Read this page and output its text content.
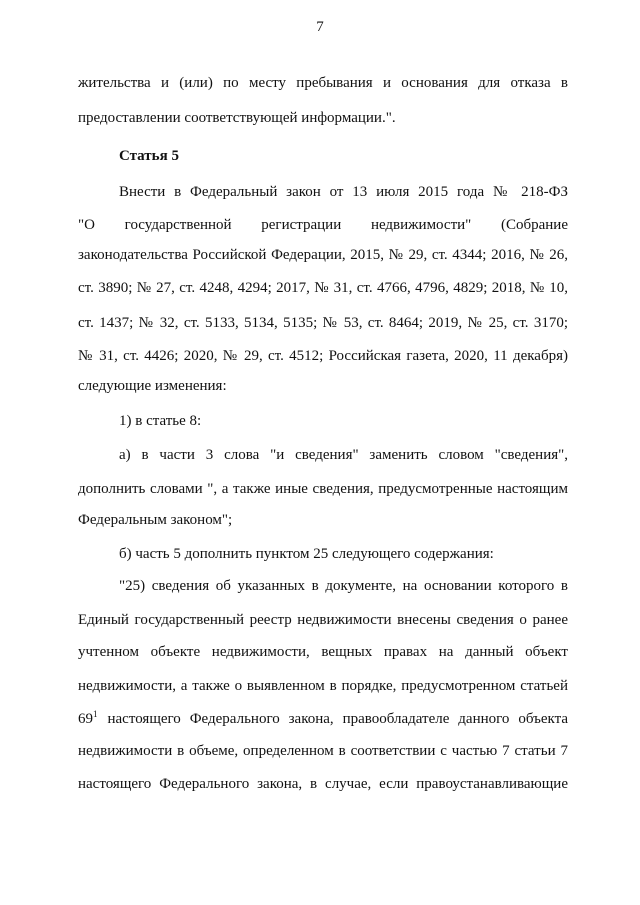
7
жительства и (или) по месту пребывания и основания для отказа в
предоставлении соответствующей информации.".
Статья 5
Внести в Федеральный закон от 13 июля 2015 года № 218-ФЗ
"О государственной регистрации недвижимости" (Собрание
законодательства Российской Федерации, 2015, № 29, ст. 4344; 2016, № 26,
ст. 3890; № 27, ст. 4248, 4294; 2017, № 31, ст. 4766, 4796, 4829; 2018, № 10,
ст. 1437; № 32, ст. 5133, 5134, 5135; № 53, ст. 8464; 2019, № 25, ст. 3170;
№ 31, ст. 4426; 2020, № 29, ст. 4512; Российская газета, 2020, 11 декабря)
следующие изменения:
1) в статье 8:
а) в части 3 слова "и сведения" заменить словом "сведения",
дополнить словами ", а также иные сведения, предусмотренные настоящим
Федеральным законом";
б) часть 5 дополнить пунктом 25 следующего содержания:
"25) сведения об указанных в документе, на основании которого в
Единый государственный реестр недвижимости внесены сведения о ранее
учтенном объекте недвижимости, вещных правах на данный объект
недвижимости, а также о выявленном в порядке, предусмотренном статьей
$69^1$ настоящего Федерального закона, правообладателе данного объекта
недвижимости в объеме, определенном в соответствии с частью 7 статьи 7
настоящего Федерального закона, в случае, если правоустанавливающие
